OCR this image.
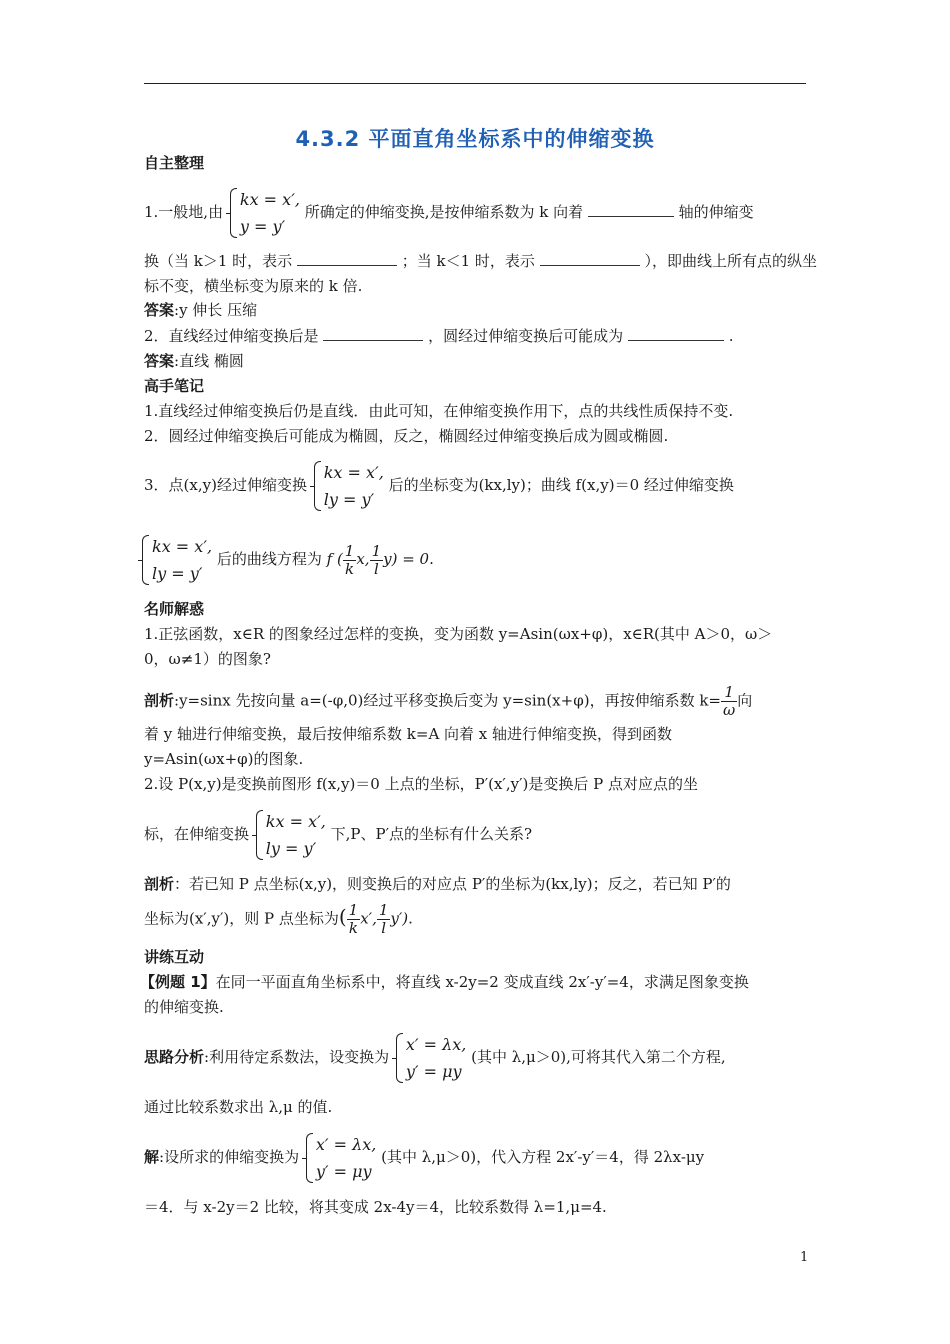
4.3.2 平面直角坐标系中的伸缩变换
自主整理
1.一般地,由
kx = x′,
y = y′
所确定的伸缩变换,是按伸缩系数为 k 向着	轴的伸缩变
换（当 k＞1 时，表示	；当 k＜1 时，表示	），即曲线上所有点的纵坐
标不变，横坐标变为原来的 k 倍.
答案:y 伸长 压缩
2．直线经过伸缩变换后是	，圆经过伸缩变换后可能成为	.
答案:直线 椭圆
高手笔记
1.直线经过伸缩变换后仍是直线．由此可知，在伸缩变换作用下，点的共线性质保持不变.
2．圆经过伸缩变换后可能成为椭圆，反之，椭圆经过伸缩变换后成为圆或椭圆.
3．点(x,y)经过伸缩变换
kx = x′,
ly = y′
后的坐标变为(kx,ly)；曲线 f(x,y)＝0 经过伸缩变换
kx = x′,
ly = y′
后的曲线方程为 f ( $\frac{1}{k} x$, $\frac{1}{l} y) = 0$.
名师解惑
1.正弦函数，x∈R 的图象经过怎样的变换，变为函数 y=Asin(ωx+φ)，x∈R(其中 A＞0，ω＞
0，ω≠1）的图象?
剖析:y=sinx 先按向量 a=(-φ,0)经过平移变换后变为 y=sin(x+φ)，再按伸缩系数 $k= \frac{1}{\omega}$ 向
着 y 轴进行伸缩变换，最后按伸缩系数 k=A 向着 x 轴进行伸缩变换，得到函数
y=Asin(ωx+φ)的图象.
2.设 P(x,y)是变换前图形 f(x,y)＝0 上点的坐标，P′(x′,y′)是变换后 P 点对应点的坐
标，在伸缩变换
kx = x′,
ly = y′
下,P、P′点的坐标有什么关系?
剖析：若已知 P 点坐标(x,y)，则变换后的对应点 P′的坐标为(kx,ly)；反之，若已知 P′的
坐标为(x′,y′)，则 P 点坐标为( $\frac{1}{k} x'$, $\frac{1}{l} y'$).
讲练互动
【例题 1】在同一平面直角坐标系中，将直线 x-2y=2 变成直线 2x′-y′=4，求满足图象变换
的伸缩变换.
思路分析:利用待定系数法，设变换为
x′ = λx,
y′ = μy
(其中 λ,μ＞0),可将其代入第二个方程,
通过比较系数求出 λ,μ 的值.
解:设所求的伸缩变换为
x′ = λx,
y′ = μy
(其中 λ,μ＞0)，代入方程 2x′-y′＝4，得 2λx-μy
＝4．与 x-2y＝2 比较，将其变成 2x-4y＝4，比较系数得 λ=1,μ=4.
1
